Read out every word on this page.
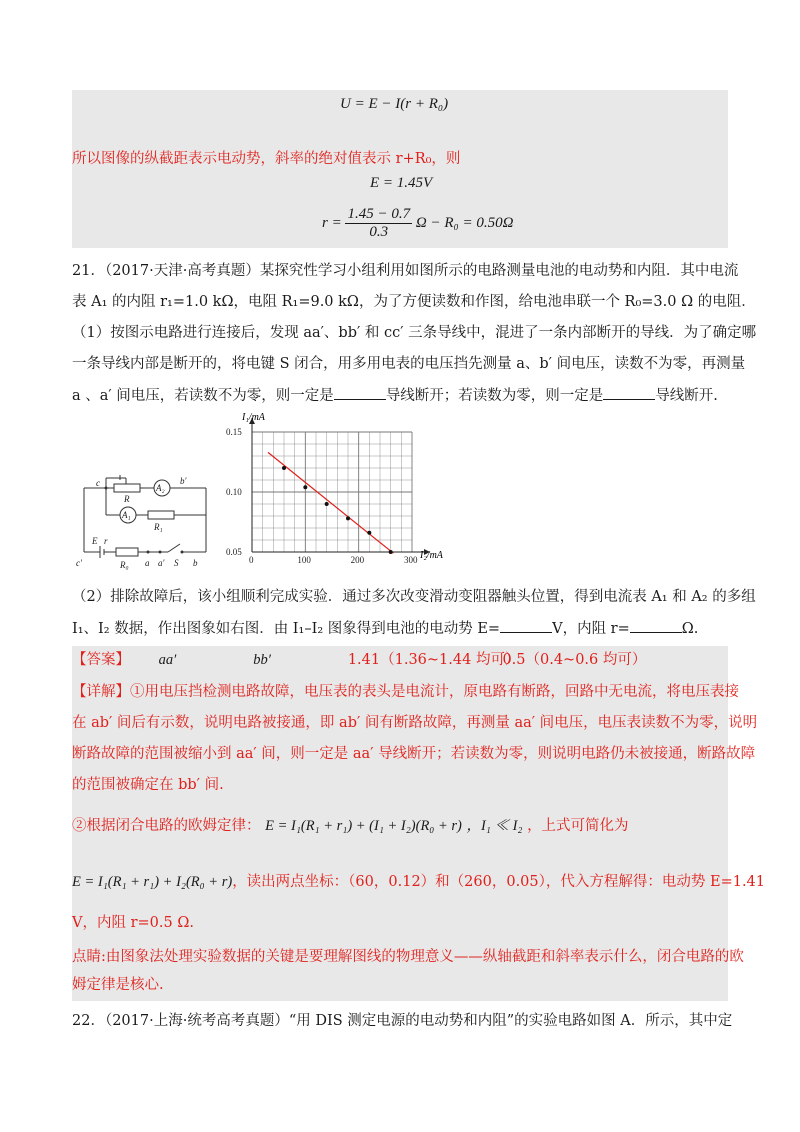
U = E − I(r + R₀)
所以图像的纵截距表示电动势，斜率的绝对值表示 r+R₀，则
E = 1.45V
$r = \frac{1.45 - 0.7}{0.3}$ Ω − R₀ = 0.50Ω
21．（2017·天津·高考真题）某探究性学习小组利用如图所示的电路测量电池的电动势和内阻．其中电流
表 A₁ 的内阻 r₁=1.0 kΩ，电阻 R₁=9.0 kΩ，为了方便读数和作图，给电池串联一个 R₀=3.0 Ω 的电阻．
（1）按图示电路进行连接后，发现 aa′、bb′ 和 cc′ 三条导线中，混进了一条内部断开的导线．为了确定哪
一条导线内部是断开的，将电键 S 闭合，用多用电表的电压挡先测量 a、b′ 间电压，读数不为零，再测量
a 、a′ 间电压，若读数不为零，则一定是	导线断开；若读数为零，则一定是	导线断开.
c	b′
R
A₂
A₁
R₁
E r
R₀ a a′ S b
c′	0	100	200	300
0.05
0.10
0.15
I₁/mA
I₂/mA
（2）排除故障后，该小组顺利完成实验．通过多次改变滑动变阻器触头位置，得到电流表 A₁ 和 A₂ 的多组
I₁、I₂ 数据，作出图象如右图．由 I₁–I₂ 图象得到电池的电动势 E=	V，内阻 r=	Ω.
【答案】 aa′	bb′	1.41（1.36~1.44 均可） 0.5（0.4~0.6 均可）
【详解】①用电压挡检测电路故障，电压表的表头是电流计，原电路有断路，回路中无电流，将电压表接
在 ab′ 间后有示数，说明电路被接通，即 ab′ 间有断路故障，再测量 aa′ 间电压，电压表读数不为零，说明
断路故障的范围被缩小到 aa′ 间，则一定是 aa′ 导线断开；若读数为零，则说明电路仍未被接通，断路故障
的范围被确定在 bb′ 间.
②根据闭合电路的欧姆定律： E = I₁(R₁ + r₁) + (I₁ + I₂)(R₀ + r) ，I₁ ≪ I₂ ，上式可简化为
E = I₁(R₁ + r₁) + I₂(R₀ + r)，读出两点坐标：（60，0.12）和（260，0.05），代入方程解得：电动势 E=1.41
V，内阻 r=0.5 Ω.
点睛:由图象法处理实验数据的关键是要理解图线的物理意义——纵轴截距和斜率表示什么，闭合电路的欧
姆定律是核心.
22．（2017·上海·统考高考真题）“用 DIS 测定电源的电动势和内阻”的实验电路如图 A．所示，其中定
